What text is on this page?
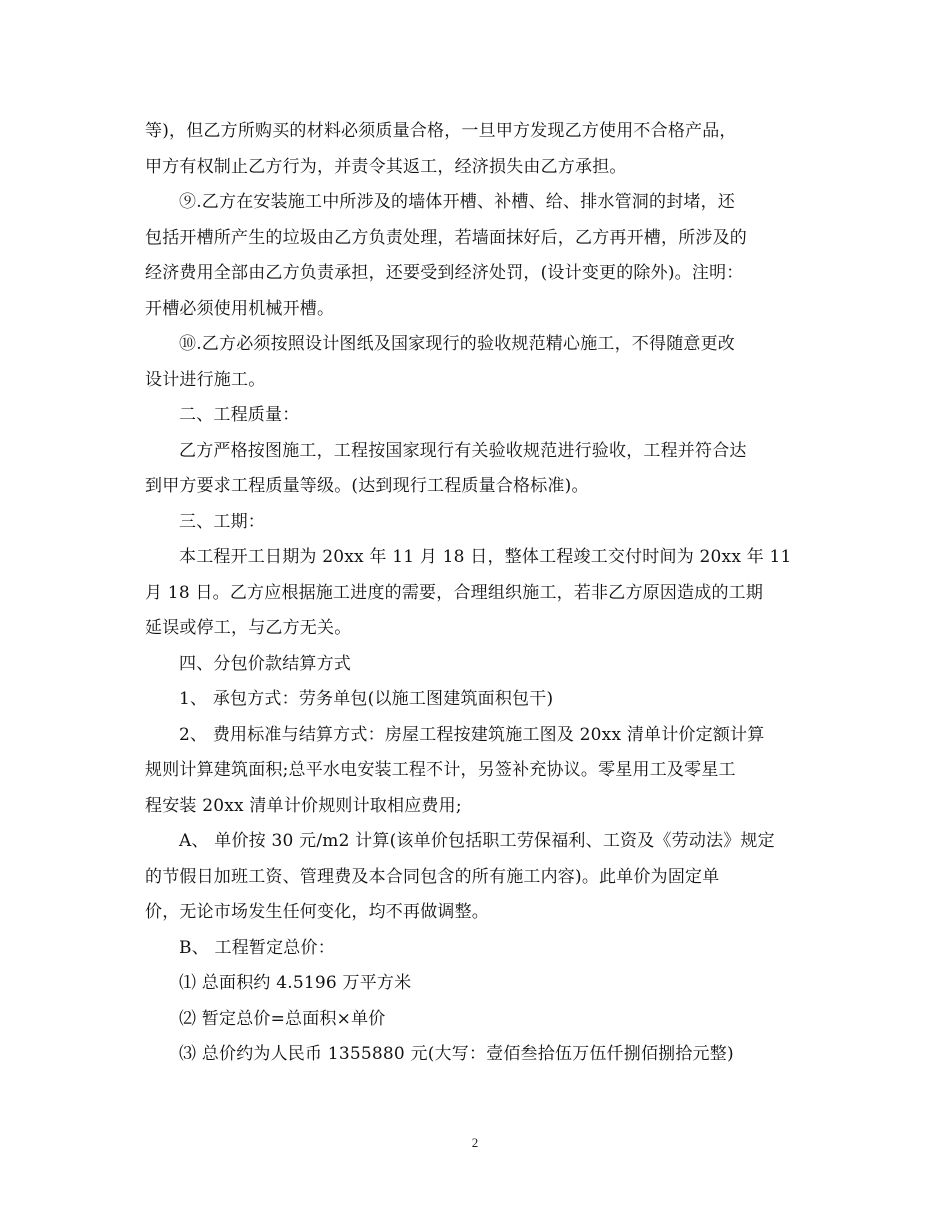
等)，但乙方所购买的材料必须质量合格，一旦甲方发现乙方使用不合格产品，
甲方有权制止乙方行为，并责令其返工，经济损失由乙方承担。
⑨.乙方在安装施工中所涉及的墙体开槽、补槽、给、排水管洞的封堵，还
包括开槽所产生的垃圾由乙方负责处理，若墙面抹好后，乙方再开槽，所涉及的
经济费用全部由乙方负责承担，还要受到经济处罚，(设计变更的除外)。注明：
开槽必须使用机械开槽。
⑩.乙方必须按照设计图纸及国家现行的验收规范精心施工，不得随意更改
设计进行施工。
二、工程质量：
乙方严格按图施工，工程按国家现行有关验收规范进行验收，工程并符合达
到甲方要求工程质量等级。(达到现行工程质量合格标准)。
三、工期：
本工程开工日期为 20xx 年 11 月 18 日，整体工程竣工交付时间为 20xx 年 11
月 18 日。乙方应根据施工进度的需要，合理组织施工，若非乙方原因造成的工期
延误或停工，与乙方无关。
四、分包价款结算方式
1、 承包方式：劳务单包(以施工图建筑面积包干)
2、 费用标准与结算方式：房屋工程按建筑施工图及 20xx 清单计价定额计算
规则计算建筑面积;总平水电安装工程不计，另签补充协议。零星用工及零星工
程安装 20xx 清单计价规则计取相应费用;
A、 单价按 30 元/m2 计算(该单价包括职工劳保福利、工资及《劳动法》规定
的节假日加班工资、管理费及本合同包含的所有施工内容)。此单价为固定单
价，无论市场发生任何变化，均不再做调整。
B、 工程暂定总价：
⑴ 总面积约 4.5196 万平方米
⑵ 暂定总价=总面积×单价
⑶ 总价约为人民币 1355880 元(大写：壹佰叁拾伍万伍仟捌佰捌拾元整)
2
